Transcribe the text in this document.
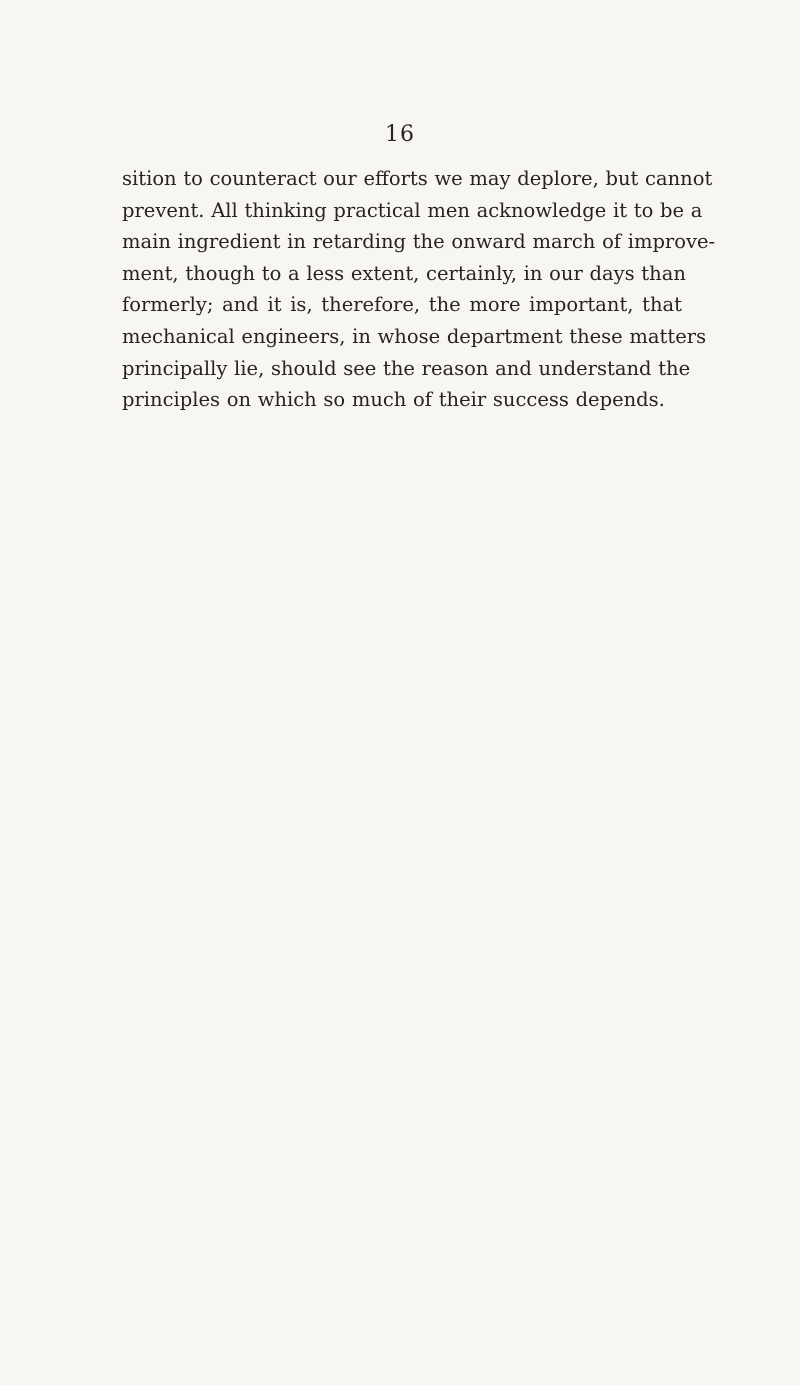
16
sition to counteract our efforts we may deplore, but cannot
prevent. All thinking practical men acknowledge it to be a
main ingredient in retarding the onward march of improve-
ment, though to a less extent, certainly, in our days than
formerly; and it is, therefore, the more important, that
mechanical engineers, in whose department these matters
principally lie, should see the reason and understand the
principles on which so much of their success depends.
